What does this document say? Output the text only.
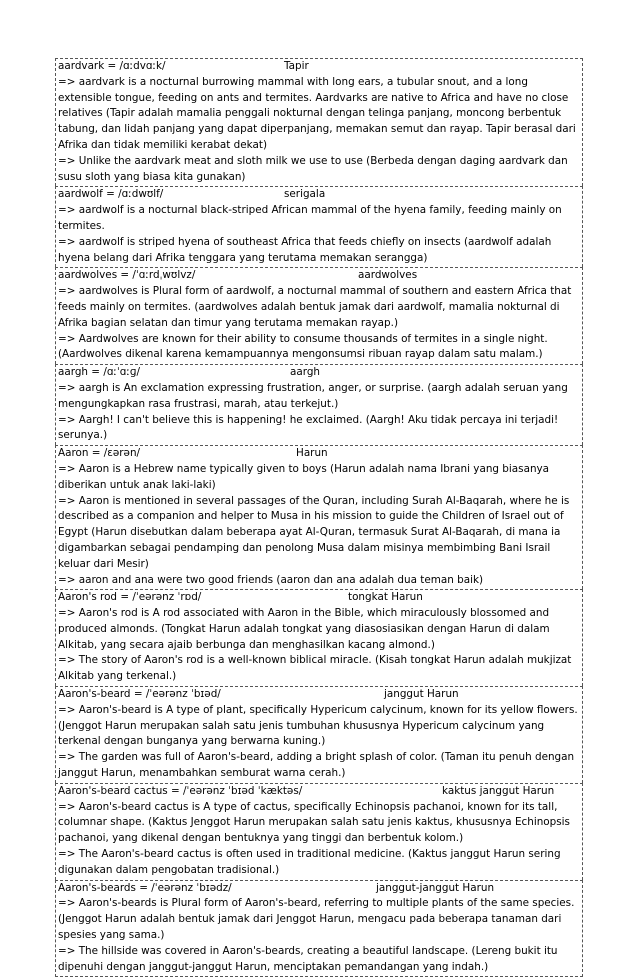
aardvark = /ɑːdvɑːk/	Tapir
=> aardvark is a nocturnal burrowing mammal with long ears, a tubular snout, and a long extensible tongue, feeding on ants and termites. Aardvarks are native to Africa and have no close relatives (Tapir adalah mamalia penggali nokturnal dengan telinga panjang, moncong berbentuk tabung, dan lidah panjang yang dapat diperpanjang, memakan semut dan rayap. Tapir berasal dari Afrika dan tidak memiliki kerabat dekat)
=> Unlike the aardvark meat and sloth milk we use to use (Berbeda dengan daging aardvark dan susu sloth yang biasa kita gunakan)
aardwolf = /ɑːdwʊlf/	serigala
=> aardwolf is a nocturnal black-striped African mammal of the hyena family, feeding mainly on termites.
=> aardwolf is striped hyena of southeast Africa that feeds chiefly on insects (aardwolf adalah hyena belang dari Afrika tenggara yang terutama memakan serangga)
aardwolves = /ˈɑːrdˌwʊlvz/	aardwolves
=> aardwolves is Plural form of aardwolf, a nocturnal mammal of southern and eastern Africa that feeds mainly on termites. (aardwolves adalah bentuk jamak dari aardwolf, mamalia nokturnal di Afrika bagian selatan dan timur yang terutama memakan rayap.)
=> Aardwolves are known for their ability to consume thousands of termites in a single night. (Aardwolves dikenal karena kemampuannya mengonsumsi ribuan rayap dalam satu malam.)
aargh = /ɑːˈɑːɡ/	aargh
=> aargh is An exclamation expressing frustration, anger, or surprise. (aargh adalah seruan yang mengungkapkan rasa frustrasi, marah, atau terkejut.)
=> Aargh! I can't believe this is happening! he exclaimed. (Aargh! Aku tidak percaya ini terjadi! serunya.)
Aaron = /ɛərən/	Harun
=> Aaron is a Hebrew name typically given to boys (Harun adalah nama Ibrani yang biasanya diberikan untuk anak laki-laki)
=> Aaron is mentioned in several passages of the Quran, including Surah Al-Baqarah, where he is described as a companion and helper to Musa in his mission to guide the Children of Israel out of Egypt (Harun disebutkan dalam beberapa ayat Al-Quran, termasuk Surat Al-Baqarah, di mana ia digambarkan sebagai pendamping dan penolong Musa dalam misinya membimbing Bani Israil keluar dari Mesir)
=> aaron and ana were two good friends (aaron dan ana adalah dua teman baik)
Aaron's rod = /ˈeərənz ˈrɒd/	tongkat Harun
=> Aaron's rod is A rod associated with Aaron in the Bible, which miraculously blossomed and produced almonds. (Tongkat Harun adalah tongkat yang diasosiasikan dengan Harun di dalam Alkitab, yang secara ajaib berbunga dan menghasilkan kacang almond.)
=> The story of Aaron's rod is a well-known biblical miracle. (Kisah tongkat Harun adalah mukjizat Alkitab yang terkenal.)
Aaron's-beard = /ˈeərənz ˈbɪəd/	janggut Harun
=> Aaron's-beard is A type of plant, specifically Hypericum calycinum, known for its yellow flowers. (Jenggot Harun merupakan salah satu jenis tumbuhan khususnya Hypericum calycinum yang terkenal dengan bunganya yang berwarna kuning.)
=> The garden was full of Aaron's-beard, adding a bright splash of color. (Taman itu penuh dengan janggut Harun, menambahkan semburat warna cerah.)
Aaron's-beard cactus = /ˈeərənz ˈbɪəd ˈkæktəs/	kaktus janggut Harun
=> Aaron's-beard cactus is A type of cactus, specifically Echinopsis pachanoi, known for its tall, columnar shape. (Kaktus Jenggot Harun merupakan salah satu jenis kaktus, khususnya Echinopsis pachanoi, yang dikenal dengan bentuknya yang tinggi dan berbentuk kolom.)
=> The Aaron's-beard cactus is often used in traditional medicine. (Kaktus janggut Harun sering digunakan dalam pengobatan tradisional.)
Aaron's-beards = /ˈeərənz ˈbɪədz/	janggut-janggut Harun
=> Aaron's-beards is Plural form of Aaron's-beard, referring to multiple plants of the same species. (Jenggot Harun adalah bentuk jamak dari Jenggot Harun, mengacu pada beberapa tanaman dari spesies yang sama.)
=> The hillside was covered in Aaron's-beards, creating a beautiful landscape. (Lereng bukit itu dipenuhi dengan janggut-janggut Harun, menciptakan pemandangan yang indah.)
